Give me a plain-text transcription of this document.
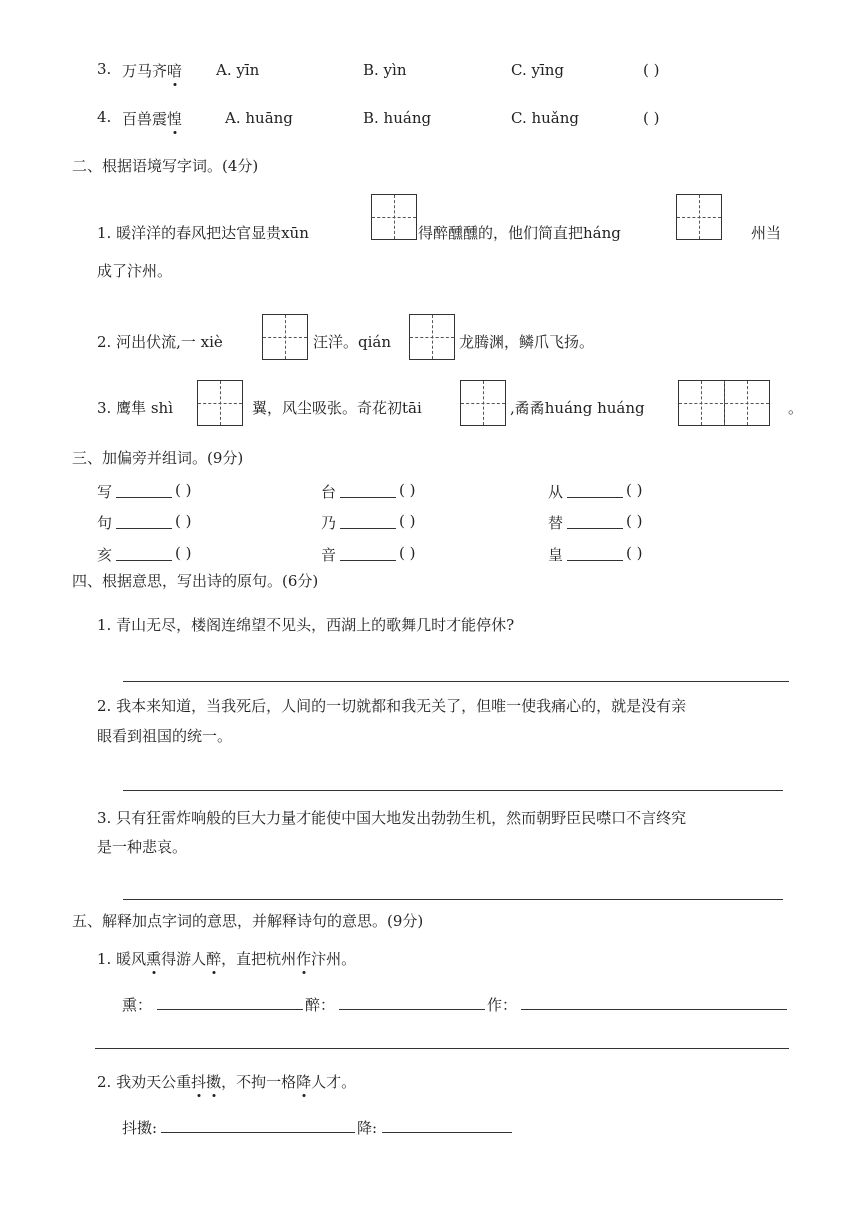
3. 万马齐喑 A. yīn	B. yìn	C. yīng	( )
4. 百兽震惶	A. huāng	B. huáng	C. huǎng	( )
二、根据语境写字词。(4分)
1. 暖洋洋的春风把达官显贵xūn	得醉醺醺的，他们简直把háng	州当
成了汴州。
2. 河出伏流,一 xiè	汪洋。qián	龙腾渊，鳞爪飞扬。
3. 鹰隼 shì	翼，风尘吸张。奇花初tāi	,矞矞huáng huáng	。
三、加偏旁并组词。(9分)
写	( )	台	( )	从	( )
句	( )	乃	( )	替	( )
亥	( )	音	( )	皇	( )
四、根据意思，写出诗的原句。(6分)
1. 青山无尽，楼阁连绵望不见头，西湖上的歌舞几时才能停休?
2. 我本来知道，当我死后，人间的一切就都和我无关了，但唯一使我痛心的，就是没有亲
眼看到祖国的统一。
3. 只有狂雷炸响般的巨大力量才能使中国大地发出勃勃生机，然而朝野臣民噤口不言终究
是一种悲哀。
五、解释加点字词的意思，并解释诗句的意思。(9分)
1. 暖风熏得游人醉，直把杭州作汴州。
熏：	醉：	作：
2. 我劝天公重抖擞，不拘一格降人才。
抖擞:	降:
